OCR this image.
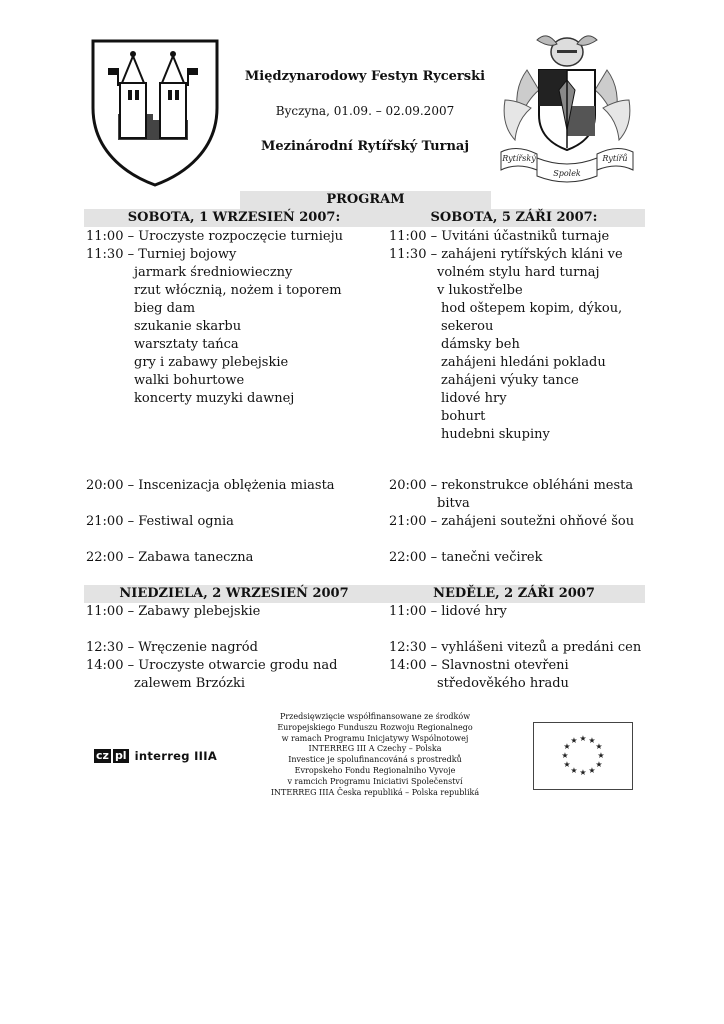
Międzynarodowy Festyn Rycerski
Byczyna, 01.09. – 02.09.2007
Mezinárodní Rytířský Turnaj
Rytířský
Spolek
Rytířů
PROGRAM
SOBOTA, 1 WRZESIEŃ 2007:	SOBOTA, 5 ZÁŘI 2007:
11:00 – Uroczyste rozpoczęcie turnieju
11:30 – Turniej bojowy
jarmark średniowieczny
rzut włócznią, nożem i toporem
bieg dam
szukanie skarbu
warsztaty tańca
gry i zabawy plebejskie
walki bohurtowe
koncerty muzyki dawnej
20:00 – Inscenizacja oblężenia miasta
21:00 – Festiwal ognia
22:00 – Zabawa taneczna
11:00 – Uvitáni účastniků turnaje
11:30 – zahájeni rytířských kláni ve
volném stylu hard turnaj
v lukostřelbe
hod oštepem kopim, dýkou,
sekerou
dámsky beh
zahájeni hledáni pokladu
zahájeni výuky tance
lidové hry
bohurt
hudebni skupiny
20:00 – rekonstrukce obléháni mesta
bitva
21:00 – zahájeni soutežni ohňové šou
22:00 – tanečni večirek
NIEDZIELA, 2 WRZESIEŃ 2007	NEDĚLE, 2 ZÁŘI 2007
11:00 – Zabawy plebejskie
12:30 – Wręczenie nagród
14:00 – Uroczyste otwarcie grodu nad
zalewem Brzózki
11:00 – lidové hry
12:30 – vyhlášeni vitezů a predáni cen
14:00 – Slavnostni otevřeni
středověkého hradu
cz pl interreg IIIA
Przedsięwzięcie współfinansowane ze środków
Europejskiego Funduszu Rozwoju Regionalnego
w ramach Programu Inicjatywy Wspólnotowej
INTERREG III A Czechy – Polska
Investice je spolufinancováná s prostredků
Evropskeho Fondu Regionalniho Vyvoje
v ramcich Programu Iniciativi Společenství
INTERREG IIIA Česka republiká – Polska republiká
★ ★
★
★
★
★
★
★
★
★
★
★
